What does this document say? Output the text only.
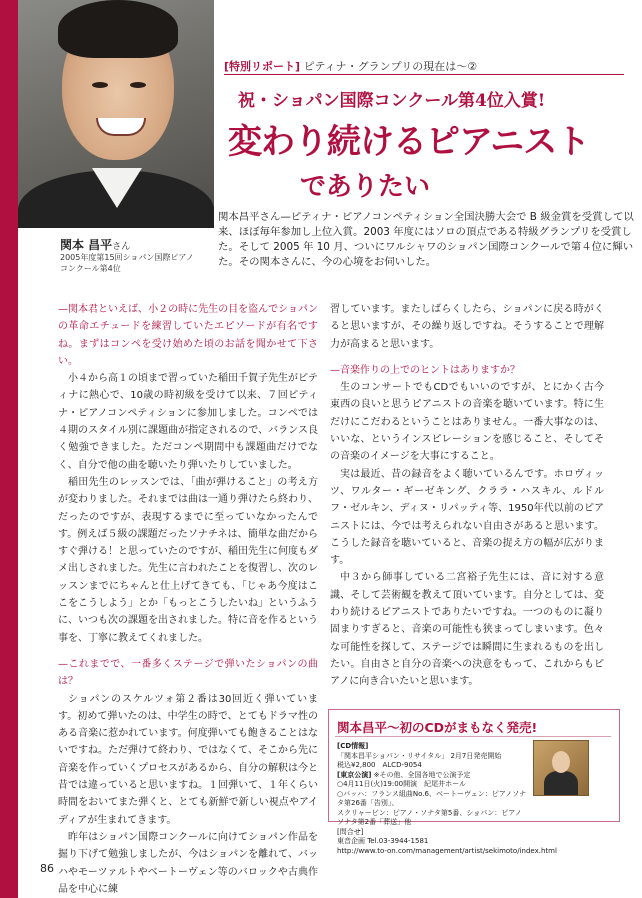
関本 昌平さん
2005年度第15回ショパン国際ピアノ
コンクール第4位
[特別リポート] ピティナ・グランプリの現在は〜②
祝・ショパン国際コンクール第4位入賞!
変わり続けるピアニスト
でありたい
関本昌平さん—ピティナ・ピアノコンペティション全国決勝大会で B 級金賞を受賞して以来、ほぼ毎年参加し上位入賞。2003 年度にはソロの頂点である特級グランプリを受賞した。そして 2005 年 10 月、ついにワルシャワのショパン国際コンクールで第４位に輝いた。その関本さんに、今の心境をお伺いした。

—関本君といえば、小２の時に先生の目を盗んでショパンの革命エチュードを練習していたエピソードが有名ですね。まずはコンペを受け始めた頃のお話を聞かせて下さい。

小４から高１の頃まで習っていた稲田千賀子先生がピティナに熱心で、10歳の時初級を受けて以来、７回ピティナ・ピアノコンペティションに参加しました。コンペでは４期のスタイル別に課題曲が指定されるので、バランス良く勉強できました。ただコンペ期間中も課題曲だけでなく、自分で他の曲を聴いたり弾いたりしていました。

稲田先生のレッスンでは、「曲が弾けること」の考え方が変わりました。それまでは曲は一通り弾けたら終わり、だったのですが、表現するまでに至っていなかったんです。例えば５級の課題だったソナチネは、簡単な曲だからすぐ弾ける！と思っていたのですが、稲田先生に何度もダメ出しされました。先生に言われたことを復習し、次のレッスンまでにちゃんと仕上げてきても、「じゃあ今度はここをこうしよう」とか「もっとこうしたいね」というふうに、いつも次の課題を出されました。特に音を作るという事を、丁寧に教えてくれました。

—これまでで、一番多くステージで弾いたショパンの曲は？

ショパンのスケルツォ第２番は30回近く弾いています。初めて弾いたのは、中学生の時で、とてもドラマ性のある音楽に惹かれています。何度弾いても飽きることはないですね。ただ弾けて終わり、ではなくて、そこから先に音楽を作っていくプロセスがあるから、自分の解釈は今と昔では違っていると思いますね。１回弾いて、１年くらい時間をおいてまた弾くと、とても新鮮で新しい視点やアイディアが生まれてきます。

昨年はショパン国際コンクールに向けてショパン作品を掘り下げて勉強しましたが、今はショパンを離れて、バッハやモーツァルトやベートーヴェン等のバロックや古典作品を中心に練

習しています。またしばらくしたら、ショパンに戻る時がくると思いますが、その繰り返しですね。そうすることで理解力が高まると思います。

—音楽作りの上でのヒントはありますか？

生のコンサートでもCDでもいいのですが、とにかく古今東西の良いと思うピアニストの音楽を聴いています。特に生だけにこだわるということはありません。一番大事なのは、いいな、というインスピレーションを感じること、そしてその音楽のイメージを大事にすること。

実は最近、昔の録音をよく聴いているんです。ホロヴィッツ、ワルター・ギーゼキング、クララ・ハスキル、ルドルフ・ゼルキン、ディヌ・リパッティ等、1950年代以前のピアニストには、今では考えられない自由さがあると思います。こうした録音を聴いていると、音楽の捉え方の幅が広がります。

中３から師事している二宮裕子先生には、音に対する意識、そして芸術観を教えて頂いています。自分としては、変わり続けるピアニストでありたいですね。一つのものに凝り固まりすぎると、音楽の可能性も狭まってしまいます。色々な可能性を探して、ステージでは瞬間に生まれるものを出したい。自由さと自分の音楽への決意をもって、これからもピアノに向き合いたいと思います。

関本昌平〜初のCDがまもなく発売!
[CD情報]
「関本昌平ショパン・リサイタル」 2月7日発売開始
税込¥2,800　ALCD-9054
[東京公演] ※その他、全国各地で公演予定
○4月11日(火)19:00開演　紀尾井ホール
○バッハ：フランス組曲No.6、ベートーヴェン：ピアノソナタ第26番「告別」、
スクリャービン：ピアノ・ソナタ第5番、ショパン：ピアノソナタ第2番「葬送」他
[問合せ]
東音企画 Tel.03-3944-1581
http://www.to-on.com/management/artist/sekimoto/index.html
86
